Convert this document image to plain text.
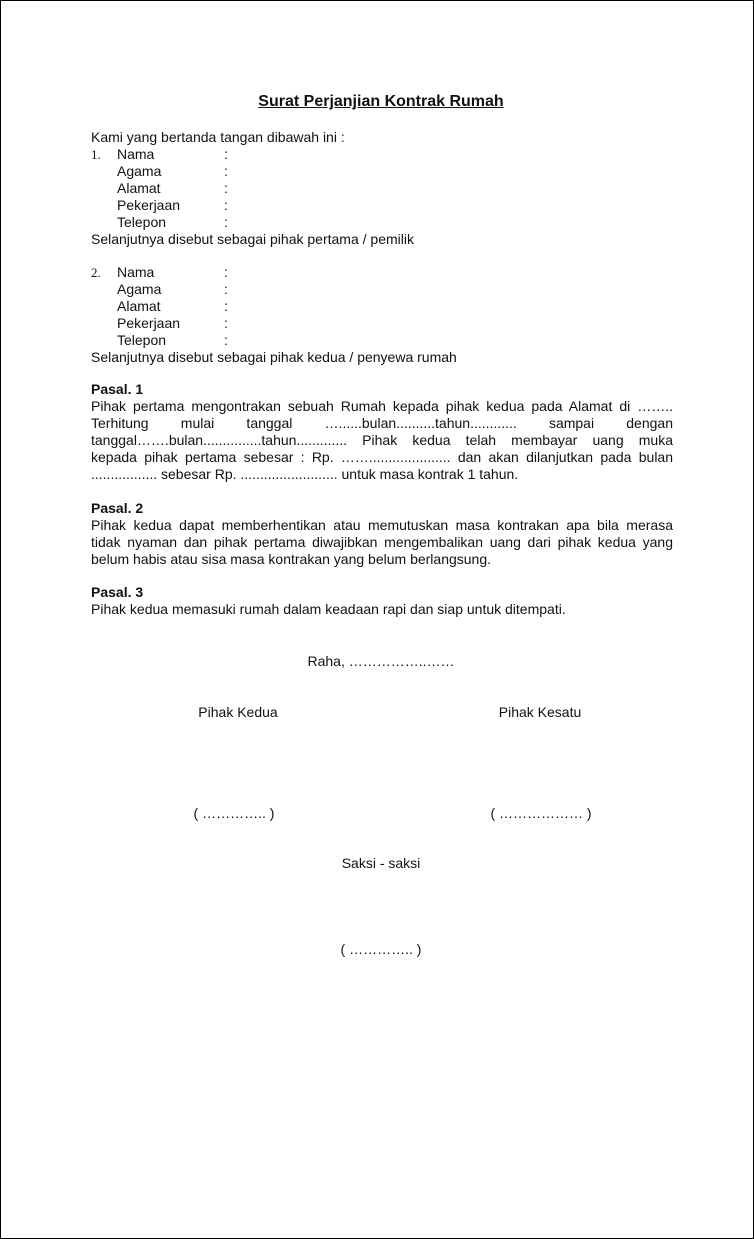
Surat Perjanjian Kontrak Rumah
Kami yang bertanda tangan dibawah ini :
1. Nama	:
Agama	:
Alamat	:
Pekerjaan	:
Telepon	:
Selanjutnya disebut sebagai pihak pertama / pemilik
2. Nama	:
Agama	:
Alamat	:
Pekerjaan	:
Telepon	:
Selanjutnya disebut sebagai pihak kedua / penyewa rumah
Pasal. 1
Pihak pertama mengontrakan sebuah Rumah kepada pihak kedua pada Alamat di ……..
Terhitung mulai tanggal …......bulan..........tahun............ sampai dengan
tanggal…….bulan...............tahun............. Pihak kedua telah membayar uang muka
kepada pihak pertama sebesar : Rp. ……..................... dan akan dilanjutkan pada bulan
................. sebesar Rp. ......................... untuk masa kontrak 1 tahun.
Pasal. 2
Pihak kedua dapat memberhentikan atau memutuskan masa kontrakan apa bila merasa
tidak nyaman dan pihak pertama diwajibkan mengembalikan uang dari pihak kedua yang
belum habis atau sisa masa kontrakan yang belum berlangsung.
Pasal. 3
Pihak kedua memasuki rumah dalam keadaan rapi dan siap untuk ditempati.
Raha, ……………..……
Pihak Kedua	Pihak Kesatu
( ………….. )	( ……………… )
Saksi - saksi
( ………….. )
